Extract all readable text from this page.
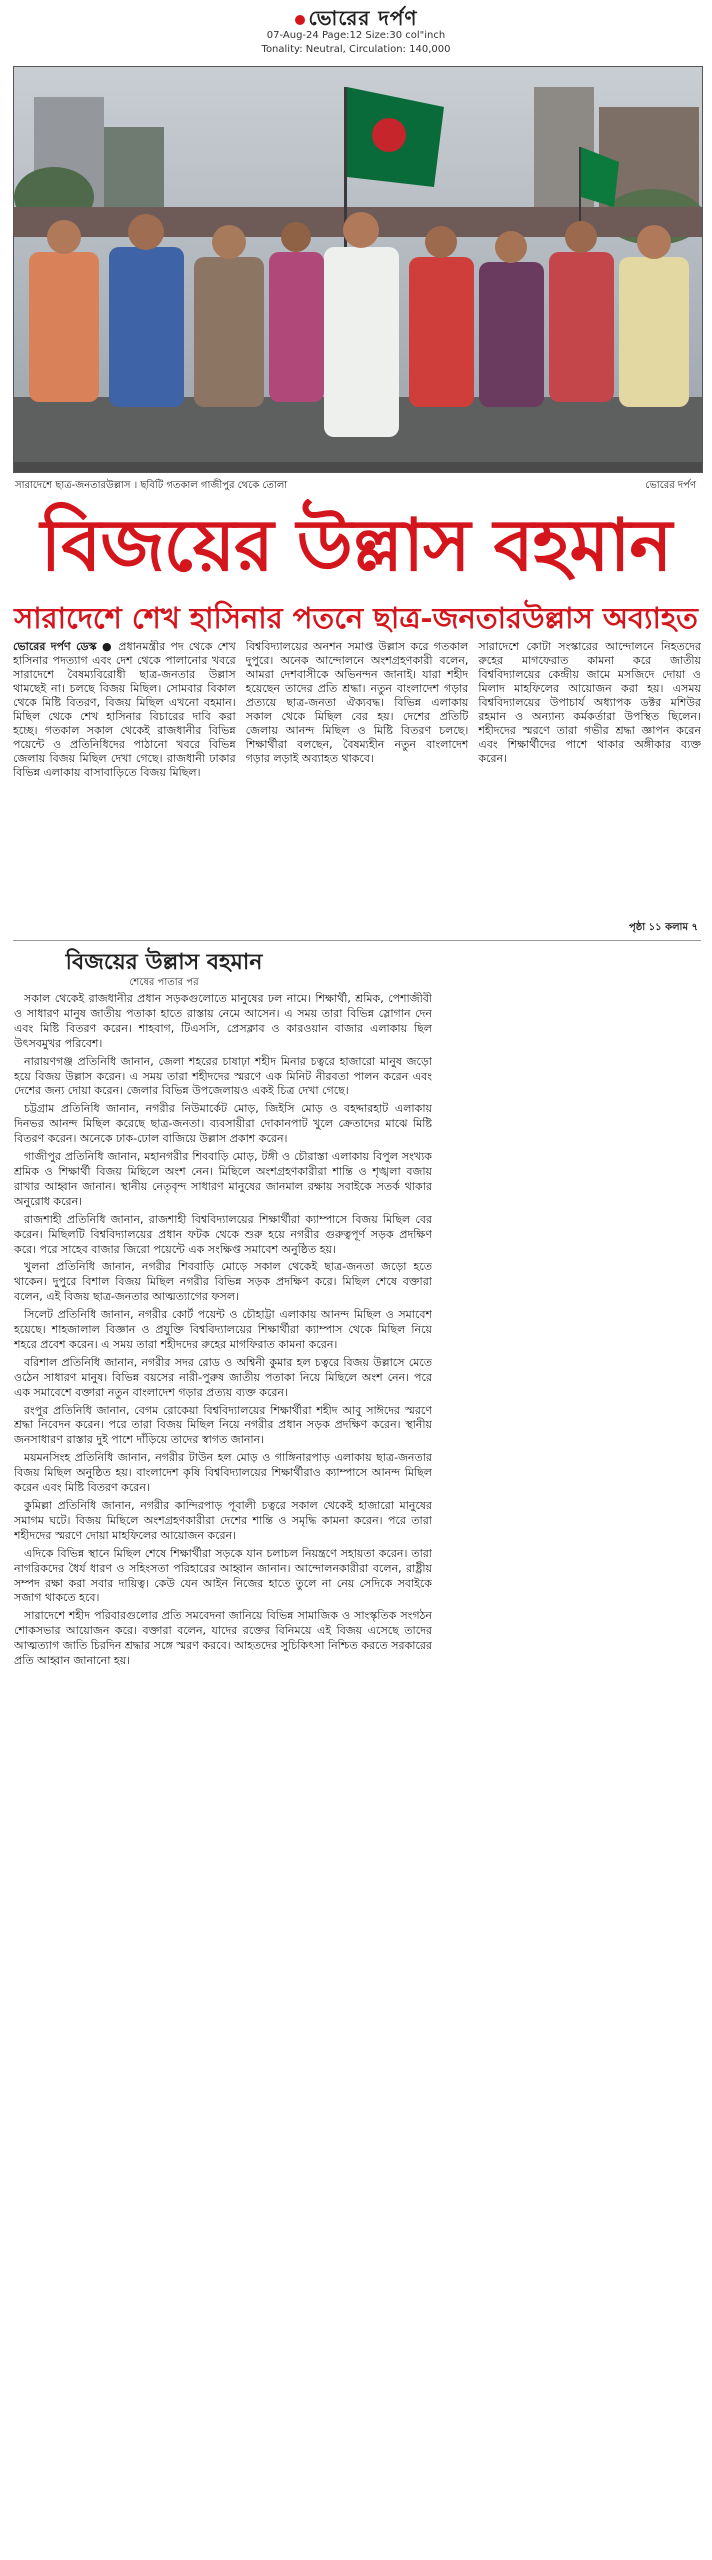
ভোরের দর্পণ
07-Aug-24 Page:12 Size:30 col"inch
Tonality: Neutral, Circulation: 140,000
সারাদেশে ছাত্র-জনতারউল্লাস । ছবিটি গতকাল গাজীপুর থেকে তোলা	ভোরের দর্পণ
বিজয়ের উল্লাস বহমান
সারাদেশে শেখ হাসিনার পতনে ছাত্র-জনতারউল্লাস অব্যাহত
ভোরের দর্পণ ডেস্ক ● প্রধানমন্ত্রীর পদ থেকে শেখ হাসিনার পদত্যাগ এবং দেশ থেকে পালানোর খবরে সারাদেশে বৈষম্যবিরোধী ছাত্র-জনতার উল্লাস থামছেই না। চলছে বিজয় মিছিল। সোমবার বিকাল থেকে মিষ্টি বিতরণ, বিজয় মিছিল এখনো বহমান। মিছিল থেকে শেখ হাসিনার বিচারের দাবি করা হচ্ছে। গতকাল সকাল থেকেই রাজধানীর বিভিন্ন পয়েন্টে ও প্রতিনিধিদের পাঠানো খবরে বিভিন্ন জেলায় বিজয় মিছিল দেখা গেছে। রাজধানী ঢাকার বিভিন্ন এলাকায় বাসাবাড়িতে বিজয় মিছিল।
বিশ্ববিদ্যালয়ের অনশন সমাপ্ত উল্লাস করে গতকাল দুপুরে। অনেক আন্দোলনে অংশগ্রহণকারী বলেন, আমরা দেশবাসীকে অভিনন্দন জানাই। যারা শহীদ হয়েছেন তাদের প্রতি শ্রদ্ধা। নতুন বাংলাদেশ গড়ার প্রত্যয়ে ছাত্র-জনতা ঐক্যবদ্ধ। বিভিন্ন এলাকায় সকাল থেকে মিছিল বের হয়। দেশের প্রতিটি জেলায় আনন্দ মিছিল ও মিষ্টি বিতরণ চলছে। শিক্ষার্থীরা বলছেন, বৈষম্যহীন নতুন বাংলাদেশ গড়ার লড়াই অব্যাহত থাকবে।
সারাদেশে কোটা সংস্কারের আন্দোলনে নিহতদের রুহের মাগফেরাত কামনা করে জাতীয় বিশ্ববিদ্যালয়ের কেন্দ্রীয় জামে মসজিদে দোয়া ও মিলাদ মাহফিলের আয়োজন করা হয়। এসময় বিশ্ববিদ্যালয়ের উপাচার্য অধ্যাপক ডক্টর মশিউর রহমান ও অন্যান্য কর্মকর্তারা উপস্থিত ছিলেন। শহীদদের স্মরণে তারা গভীর শ্রদ্ধা জ্ঞাপন করেন এবং শিক্ষার্থীদের পাশে থাকার অঙ্গীকার ব্যক্ত করেন।
পৃষ্ঠা ১১ কলাম ৭
বিজয়ের উল্লাস বহমান
শেষের পাতার পর

সকাল থেকেই রাজধানীর প্রধান সড়কগুলোতে মানুষের ঢল নামে। শিক্ষার্থী, শ্রমিক, পেশাজীবী ও সাধারণ মানুষ জাতীয় পতাকা হাতে রাস্তায় নেমে আসেন। এ সময় তারা বিভিন্ন স্লোগান দেন এবং মিষ্টি বিতরণ করেন। শাহবাগ, টিএসসি, প্রেসক্লাব ও কারওয়ান বাজার এলাকায় ছিল উৎসবমুখর পরিবেশ।

নারায়ণগঞ্জ প্রতিনিধি জানান, জেলা শহরের চাষাঢ়া শহীদ মিনার চত্বরে হাজারো মানুষ জড়ো হয়ে বিজয় উল্লাস করেন। এ সময় তারা শহীদদের স্মরণে এক মিনিট নীরবতা পালন করেন এবং দেশের জন্য দোয়া করেন। জেলার বিভিন্ন উপজেলায়ও একই চিত্র দেখা গেছে।

চট্টগ্রাম প্রতিনিধি জানান, নগরীর নিউমার্কেট মোড়, জিইসি মোড় ও বহদ্দারহাট এলাকায় দিনভর আনন্দ মিছিল করেছে ছাত্র-জনতা। ব্যবসায়ীরা দোকানপাট খুলে ক্রেতাদের মাঝে মিষ্টি বিতরণ করেন। অনেকে ঢাক-ঢোল বাজিয়ে উল্লাস প্রকাশ করেন।

গাজীপুর প্রতিনিধি জানান, মহানগরীর শিববাড়ি মোড়, টঙ্গী ও চৌরাস্তা এলাকায় বিপুল সংখ্যক শ্রমিক ও শিক্ষার্থী বিজয় মিছিলে অংশ নেন। মিছিলে অংশগ্রহণকারীরা শান্তি ও শৃঙ্খলা বজায় রাখার আহ্বান জানান। স্থানীয় নেতৃবৃন্দ সাধারণ মানুষের জানমাল রক্ষায় সবাইকে সতর্ক থাকার অনুরোধ করেন।

রাজশাহী প্রতিনিধি জানান, রাজশাহী বিশ্ববিদ্যালয়ের শিক্ষার্থীরা ক্যাম্পাসে বিজয় মিছিল বের করেন। মিছিলটি বিশ্ববিদ্যালয়ের প্রধান ফটক থেকে শুরু হয়ে নগরীর গুরুত্বপূর্ণ সড়ক প্রদক্ষিণ করে। পরে সাহেব বাজার জিরো পয়েন্টে এক সংক্ষিপ্ত সমাবেশ অনুষ্ঠিত হয়।

খুলনা প্রতিনিধি জানান, নগরীর শিববাড়ি মোড়ে সকাল থেকেই ছাত্র-জনতা জড়ো হতে থাকেন। দুপুরে বিশাল বিজয় মিছিল নগরীর বিভিন্ন সড়ক প্রদক্ষিণ করে। মিছিল শেষে বক্তারা বলেন, এই বিজয় ছাত্র-জনতার আত্মত্যাগের ফসল।

সিলেট প্রতিনিধি জানান, নগরীর কোর্ট পয়েন্ট ও চৌহাট্টা এলাকায় আনন্দ মিছিল ও সমাবেশ হয়েছে। শাহজালাল বিজ্ঞান ও প্রযুক্তি বিশ্ববিদ্যালয়ের শিক্ষার্থীরা ক্যাম্পাস থেকে মিছিল নিয়ে শহরে প্রবেশ করেন। এ সময় তারা শহীদদের রুহের মাগফিরাত কামনা করেন।

বরিশাল প্রতিনিধি জানান, নগরীর সদর রোড ও অশ্বিনী কুমার হল চত্বরে বিজয় উল্লাসে মেতে ওঠেন সাধারণ মানুষ। বিভিন্ন বয়সের নারী-পুরুষ জাতীয় পতাকা নিয়ে মিছিলে অংশ নেন। পরে এক সমাবেশে বক্তারা নতুন বাংলাদেশ গড়ার প্রত্যয় ব্যক্ত করেন।

রংপুর প্রতিনিধি জানান, বেগম রোকেয়া বিশ্ববিদ্যালয়ের শিক্ষার্থীরা শহীদ আবু সাঈদের স্মরণে শ্রদ্ধা নিবেদন করেন। পরে তারা বিজয় মিছিল নিয়ে নগরীর প্রধান সড়ক প্রদক্ষিণ করেন। স্থানীয় জনসাধারণ রাস্তার দুই পাশে দাঁড়িয়ে তাদের স্বাগত জানান।

ময়মনসিংহ প্রতিনিধি জানান, নগরীর টাউন হল মোড় ও গাঙ্গিনারপাড় এলাকায় ছাত্র-জনতার বিজয় মিছিল অনুষ্ঠিত হয়। বাংলাদেশ কৃষি বিশ্ববিদ্যালয়ের শিক্ষার্থীরাও ক্যাম্পাসে আনন্দ মিছিল করেন এবং মিষ্টি বিতরণ করেন।

কুমিল্লা প্রতিনিধি জানান, নগরীর কান্দিরপাড় পূবালী চত্বরে সকাল থেকেই হাজারো মানুষের সমাগম ঘটে। বিজয় মিছিলে অংশগ্রহণকারীরা দেশের শান্তি ও সমৃদ্ধি কামনা করেন। পরে তারা শহীদদের স্মরণে দোয়া মাহফিলের আয়োজন করেন।

এদিকে বিভিন্ন স্থানে মিছিল শেষে শিক্ষার্থীরা সড়কে যান চলাচল নিয়ন্ত্রণে সহায়তা করেন। তারা নাগরিকদের ধৈর্য ধারণ ও সহিংসতা পরিহারের আহ্বান জানান। আন্দোলনকারীরা বলেন, রাষ্ট্রীয় সম্পদ রক্ষা করা সবার দায়িত্ব। কেউ যেন আইন নিজের হাতে তুলে না নেয় সেদিকে সবাইকে সজাগ থাকতে হবে।

সারাদেশে শহীদ পরিবারগুলোর প্রতি সমবেদনা জানিয়ে বিভিন্ন সামাজিক ও সাংস্কৃতিক সংগঠন শোকসভার আয়োজন করে। বক্তারা বলেন, যাদের রক্তের বিনিময়ে এই বিজয় এসেছে তাদের আত্মত্যাগ জাতি চিরদিন শ্রদ্ধার সঙ্গে স্মরণ করবে। আহতদের সুচিকিৎসা নিশ্চিত করতে সরকারের প্রতি আহ্বান জানানো হয়।
